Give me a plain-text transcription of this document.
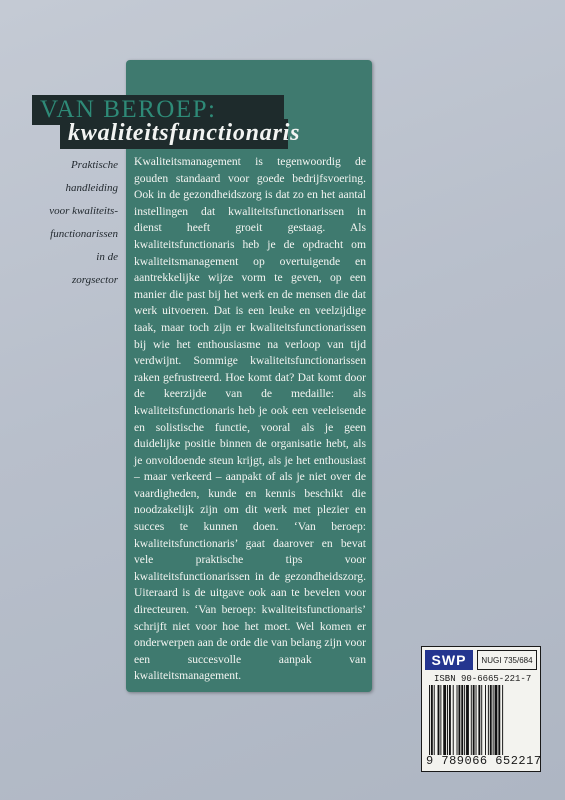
VAN BEROEP:
kwaliteitsfunctionaris

Praktische
handleiding
voor kwaliteits-
functionarissen
in de
zorgsector

Kwaliteitsmanagement is tegenwoordig de gouden standaard voor goede bedrijfsvoering. Ook in de gezondheidszorg is dat zo en het aantal instellingen dat kwaliteitsfunctionarissen in dienst heeft groeit gestaag. Als kwaliteitsfunctionaris heb je de opdracht om kwaliteitsmanagement op overtuigende en aantrekkelijke wijze vorm te geven, op een manier die past bij het werk en de mensen die dat werk uitvoeren. Dat is een leuke en veelzijdige taak, maar toch zijn er kwaliteitsfunctionarissen bij wie het enthousiasme na verloop van tijd verdwijnt. Sommige kwaliteitsfunctionarissen raken gefrustreerd. Hoe komt dat? Dat komt door de keerzijde van de medaille: als kwaliteitsfunctionaris heb je ook een veeleisende en solistische functie, vooral als je geen duidelijke positie binnen de organisatie hebt, als je onvoldoende steun krijgt, als je het enthousiast – maar verkeerd – aanpakt of als je niet over de vaardigheden, kunde en kennis beschikt die noodzakelijk zijn om dit werk met plezier en succes te kunnen doen. ‘Van beroep: kwaliteitsfunctionaris’ gaat daarover en bevat vele praktische tips voor kwaliteitsfunctionarissen in de gezondheidszorg. Uiteraard is de uitgave ook aan te bevelen voor directeuren. ‘Van beroep: kwaliteitsfunctionaris’ schrijft niet voor hoe het moet. Wel komen er onderwerpen aan de orde die van belang zijn voor een succesvolle aanpak van kwaliteitsmanagement.

SWP	NUGI 735/684
ISBN 90-6665-221-7
9 789066 652217
